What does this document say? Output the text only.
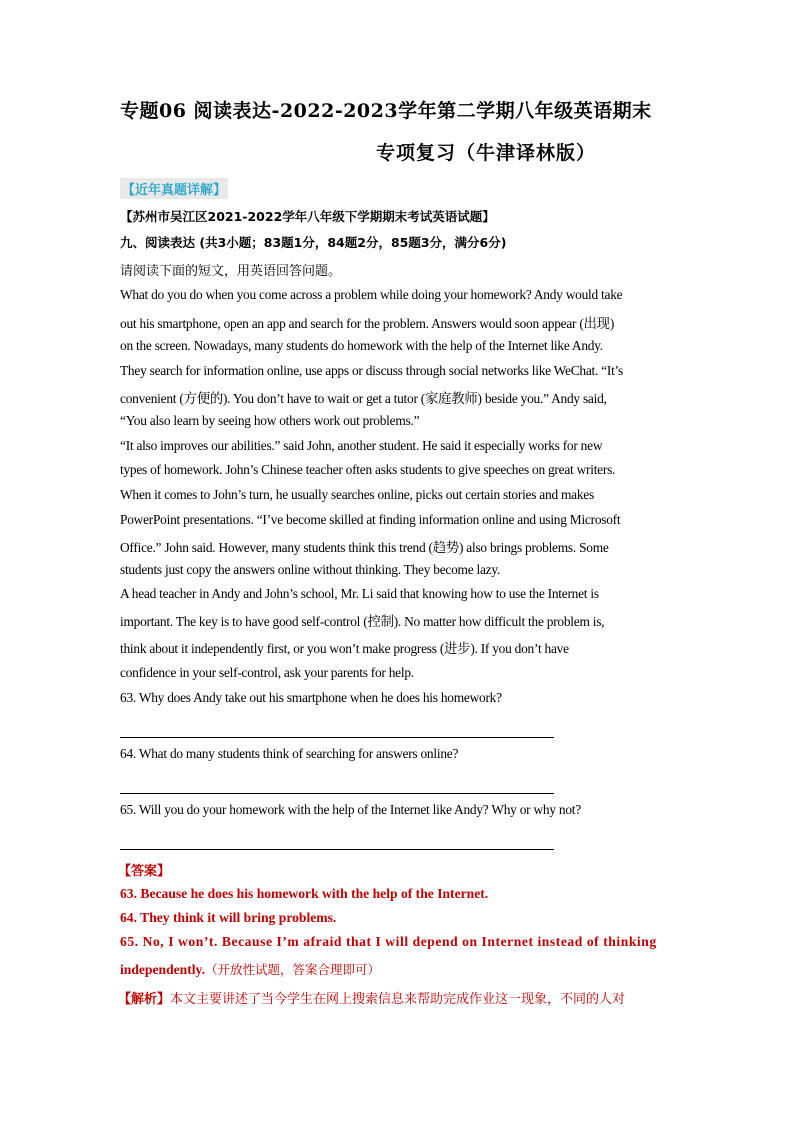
专题06 阅读表达-2022-2023学年第二学期八年级英语期末
专项复习（牛津译林版）
【近年真题详解】
【苏州市吴江区2021-2022学年八年级下学期期末考试英语试题】
九、阅读表达 (共3小题；83题1分，84题2分，85题3分，满分6分)
请阅读下面的短文，用英语回答问题。
What do you do when you come across a problem while doing your homework? Andy would take
out his smartphone, open an app and search for the problem. Answers would soon appear (出现)
on the screen. Nowadays, many students do homework with the help of the Internet like Andy.
They search for information online, use apps or discuss through social networks like WeChat. “It’s
convenient (方便的). You don’t have to wait or get a tutor (家庭教师) beside you.” Andy said,
“You also learn by seeing how others work out problems.”
“It also improves our abilities.” said John, another student. He said it especially works for new
types of homework. John’s Chinese teacher often asks students to give speeches on great writers.
When it comes to John’s turn, he usually searches online, picks out certain stories and makes
PowerPoint presentations. “I’ve become skilled at finding information online and using Microsoft
Office.” John said. However, many students think this trend (趋势) also brings problems. Some
students just copy the answers online without thinking. They become lazy.
A head teacher in Andy and John’s school, Mr. Li said that knowing how to use the Internet is
important. The key is to have good self-control (控制). No matter how difficult the problem is,
think about it independently first, or you won’t make progress (进步). If you don’t have
confidence in your self-control, ask your parents for help.
63. Why does Andy take out his smartphone when he does his homework?
64. What do many students think of searching for answers online?
65. Will you do your homework with the help of the Internet like Andy? Why or why not?
【答案】
63. Because he does his homework with the help of the Internet.
64. They think it will bring problems.
65. No, I won’t. Because I’m afraid that I will depend on Internet instead of thinking
independently.（开放性试题，答案合理即可）
【解析】本文主要讲述了当今学生在网上搜索信息来帮助完成作业这一现象，不同的人对
